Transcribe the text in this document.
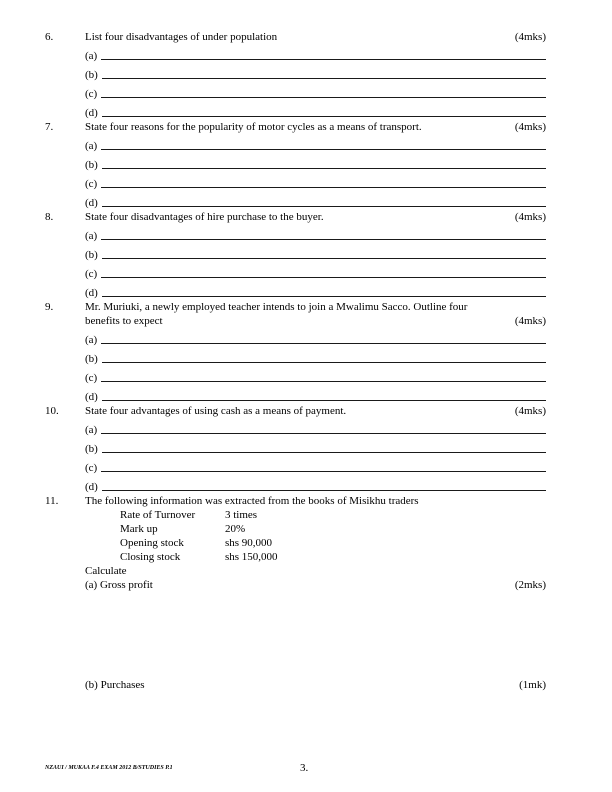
6.	List four disadvantages of under population	(4mks)
(a)
(b)
(c)
(d)
7.	State four reasons for the popularity of motor cycles as a means of transport.	(4mks)
(a)
(b)
(c)
(d)
8.	State four disadvantages of hire purchase to the buyer.	(4mks)
(a)
(b)
(c)
(d)
9.	Mr. Muriuki, a newly employed teacher intends to join a Mwalimu Sacco. Outline four
benefits to expect	(4mks)
(a)
(b)
(c)
(d)
10.	State four advantages of using cash as a means of payment.	(4mks)
(a)
(b)
(c)
(d)
11.	The following information was extracted from the books of Misikhu traders
Rate of Turnover	3 times
Mark up	20%
Opening stock	shs 90,000
Closing stock	shs 150,000
Calculate
(a) Gross profit	(2mks)
(b) Purchases	(1mk)
NZAUI / MUKAA F.4 EXAM 2012 B/STUDIES P.1	3.
